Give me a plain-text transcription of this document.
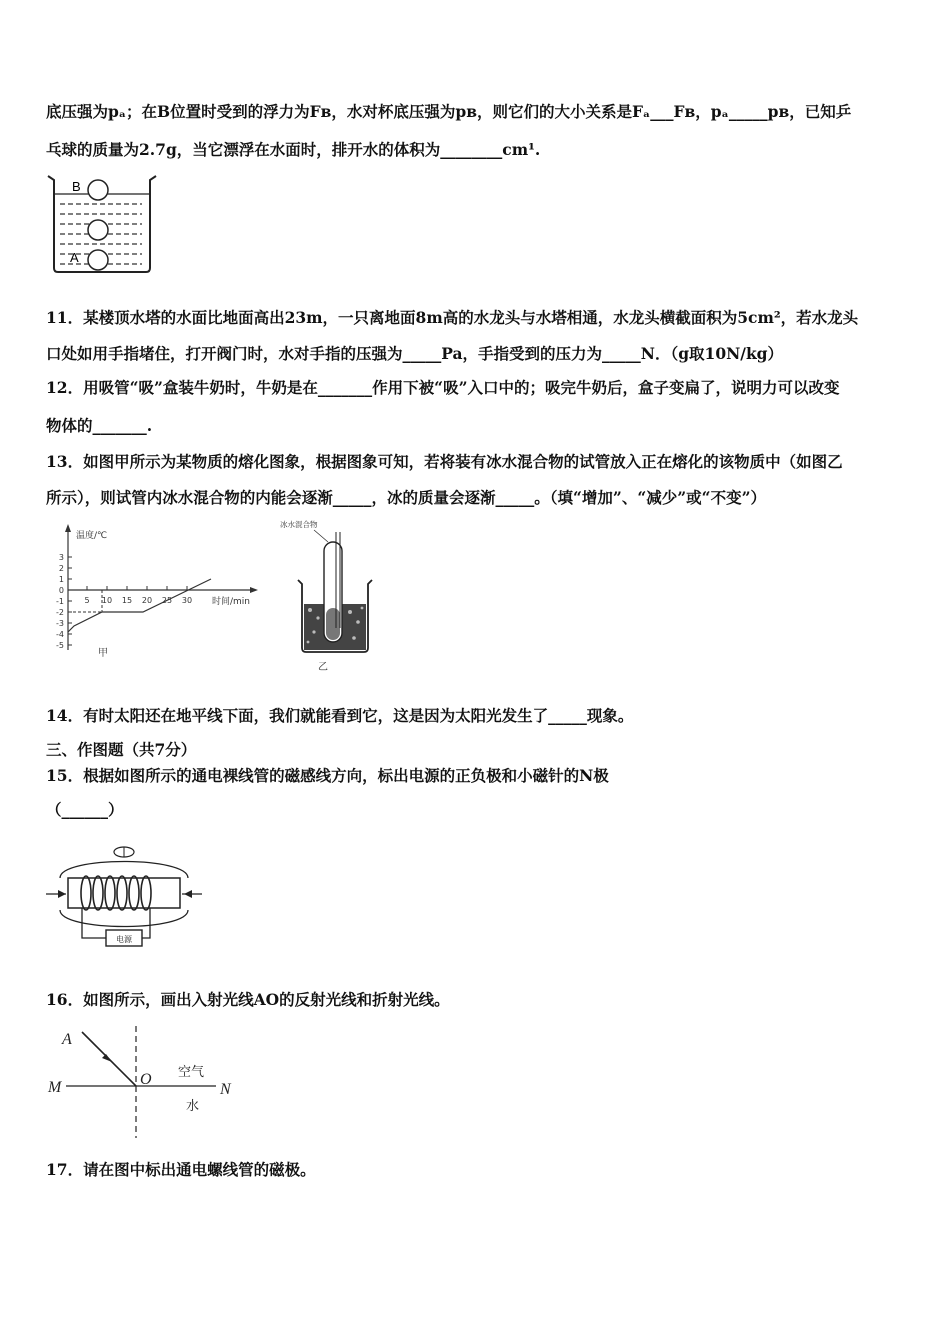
底压强为pₐ；在B位置时受到的浮力为Fʙ，水对杯底压强为pʙ，则它们的大小关系是Fₐ___Fʙ，pₐ_____pʙ，已知乒
乓球的质量为2.7g，当它漂浮在水面时，排开水的体积为________cm¹.
B
A
11．某楼顶水塔的水面比地面高出23m，一只离地面8m高的水龙头与水塔相通，水龙头横截面积为5cm²，若水龙头
口处如用手指堵住，打开阀门时，水对手指的压强为_____Pa，手指受到的压力为_____N．（g取10N/kg）
12．用吸管“吸”盒装牛奶时，牛奶是在_______作用下被“吸”入口中的；吸完牛奶后，盒子变扁了，说明力可以改变
物体的_______.
13．如图甲所示为某物质的熔化图象，根据图象可知，若将装有冰水混合物的试管放入正在熔化的该物质中（如图乙
所示），则试管内冰水混合物的内能会逐渐_____，冰的质量会逐渐_____。（填“增加”、“减少”或“不变”）
温度/℃
时间/min
3
2
1
0
-1
-2
-3
-4
-5
5 10 15 20 25 30
甲
冰水混合物
乙
14．有时太阳还在地平线下面，我们就能看到它，这是因为太阳光发生了_____现象。
三、作图题（共7分）
15．根据如图所示的通电裸线管的磁感线方向，标出电源的正负极和小磁针的N极
（______）
电源
16．如图所示，画出入射光线AO的反射光线和折射光线。
A
O
M	N
空气
水
17．请在图中标出通电螺线管的磁极。
